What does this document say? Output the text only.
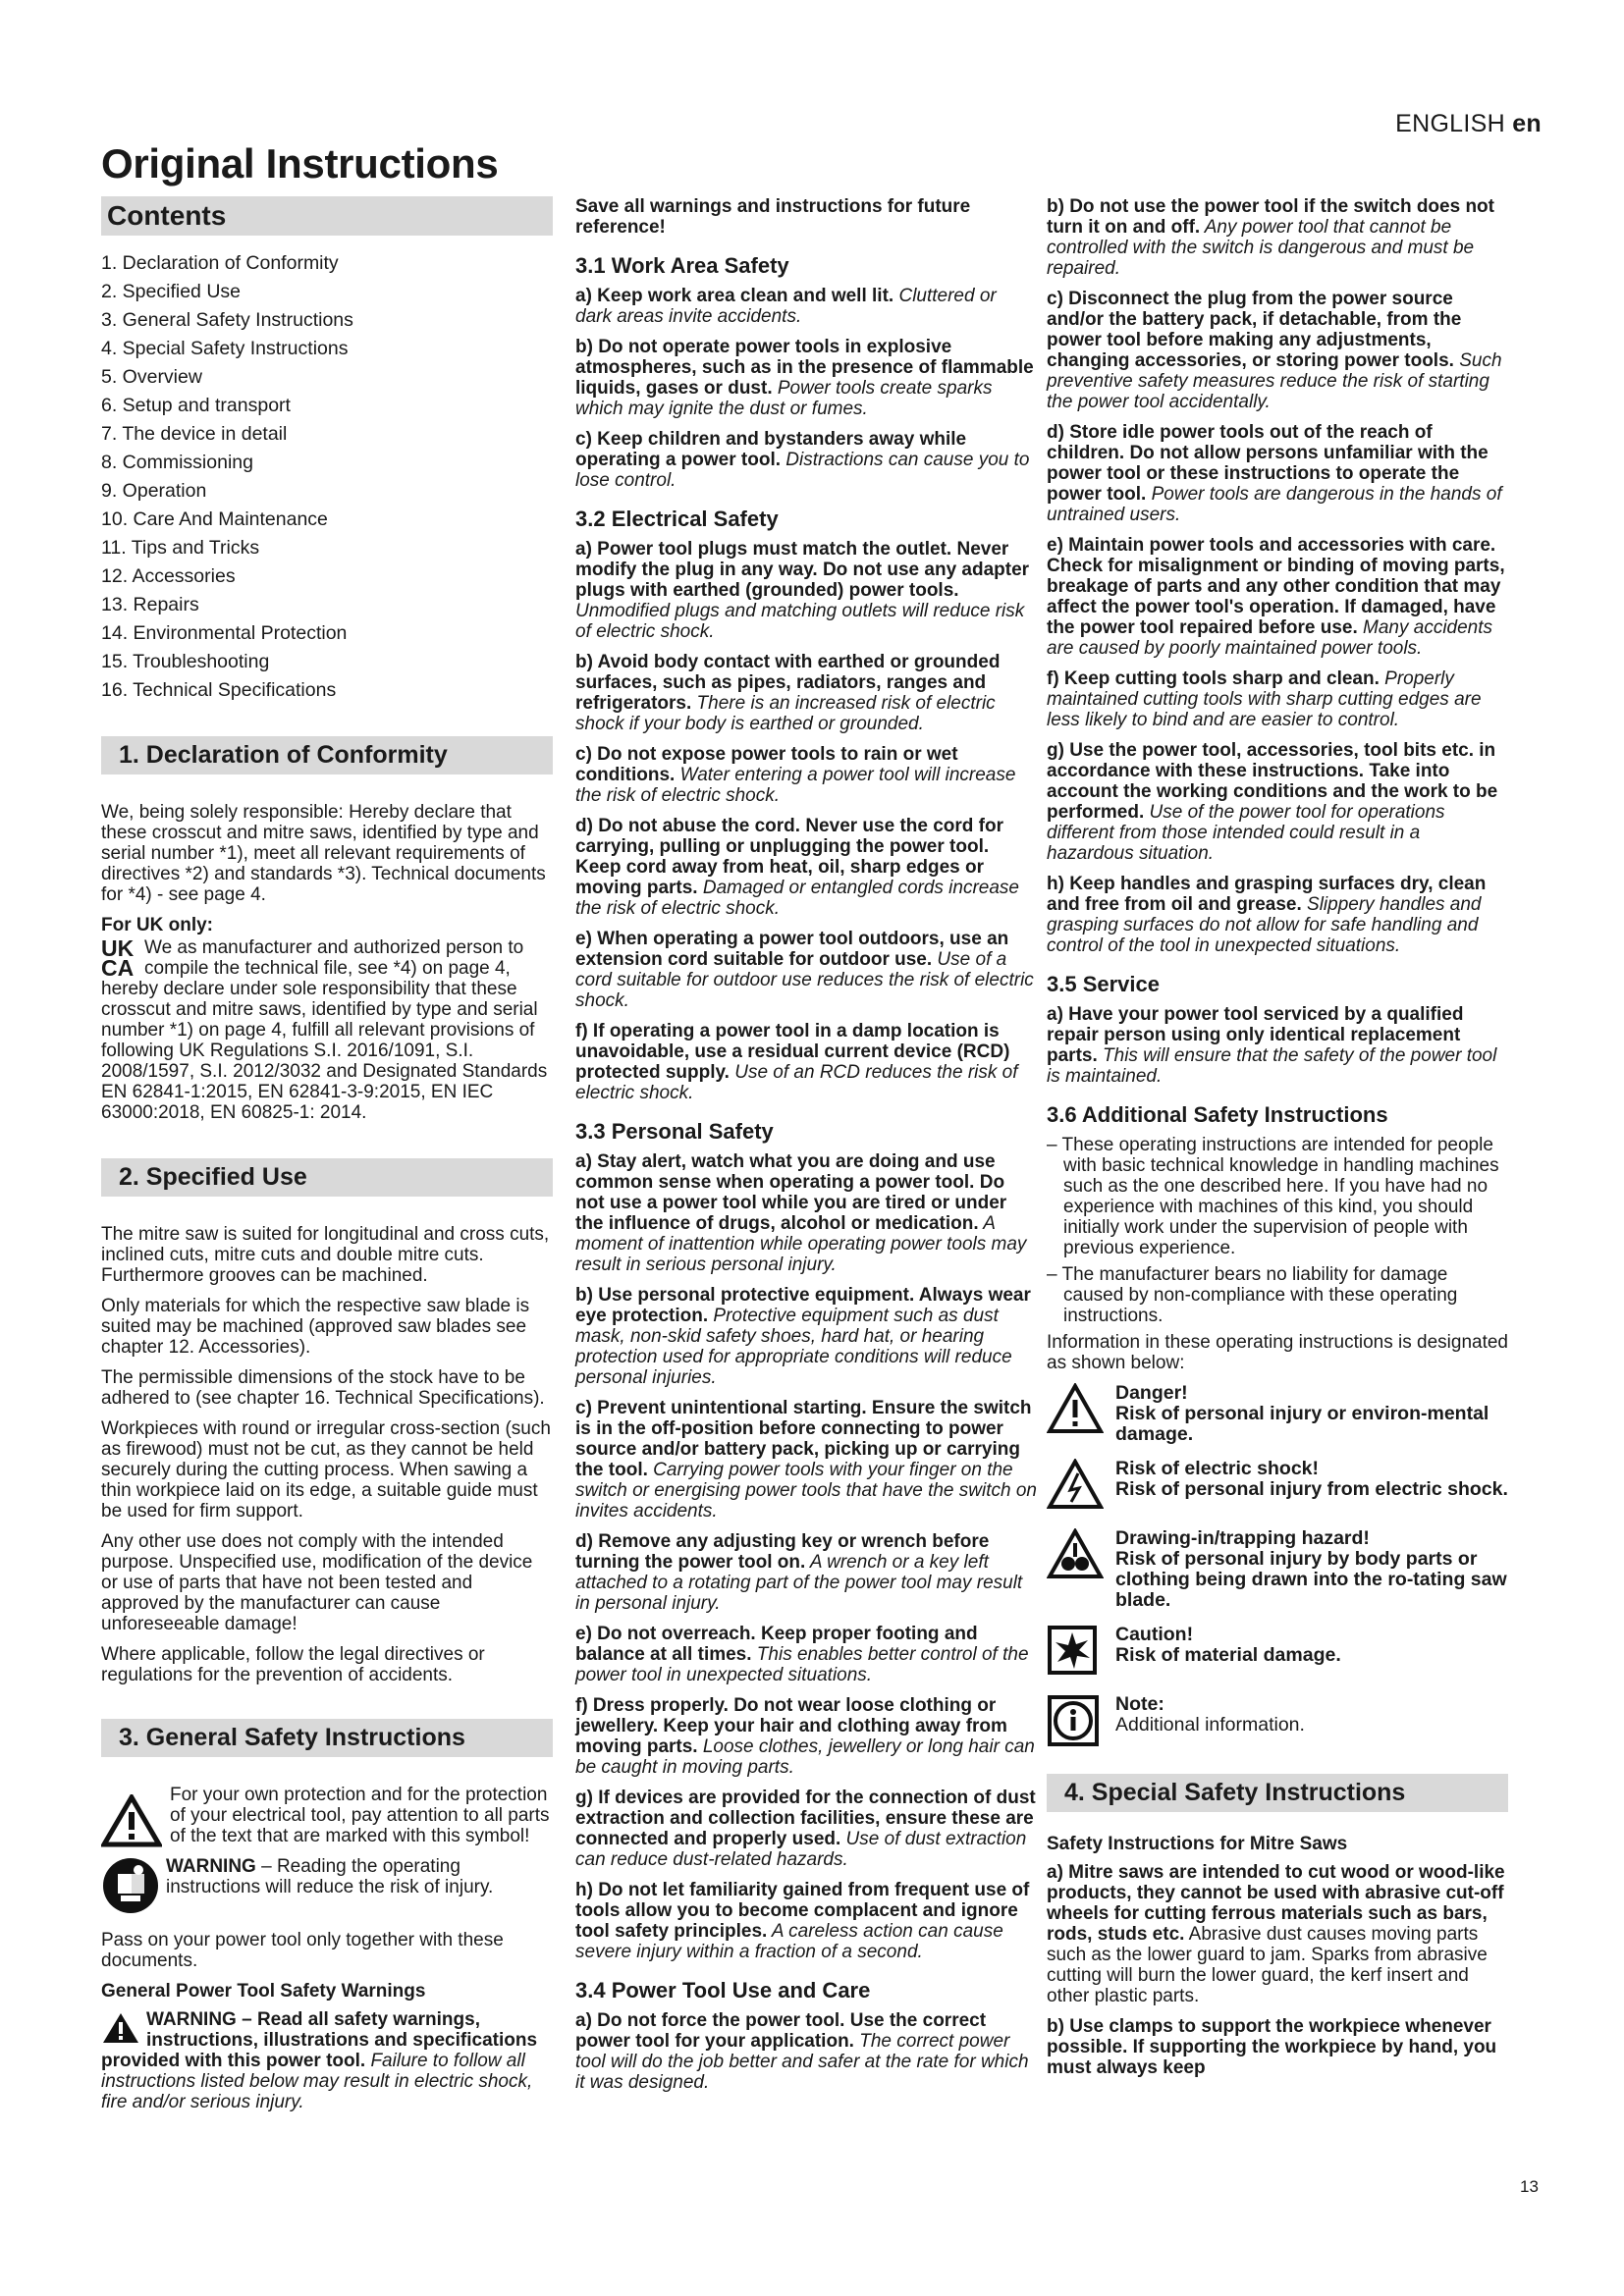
ENGLISH en
Original Instructions
Contents
1. Declaration of Conformity
2. Specified Use
3. General Safety Instructions
4. Special Safety Instructions
5. Overview
6. Setup and transport
7. The device in detail
8. Commissioning
9. Operation
10. Care And Maintenance
11. Tips and Tricks
12. Accessories
13. Repairs
14. Environmental Protection
15. Troubleshooting
16. Technical Specifications
1. Declaration of Conformity

We, being solely responsible: Hereby declare that these crosscut and mitre saws, identified by type and serial number *1), meet all relevant requirements of directives *2) and standards *3). Technical documents for *4) - see page 4.

For UK only:

UK
CA
We as manufacturer and authorized person to compile the technical file, see *4) on page 4, hereby declare under sole responsibility that these crosscut and mitre saws, identified by type and serial number *1) on page 4, fulfill all relevant provisions of following UK Regulations S.I. 2016/1091, S.I. 2008/1597, S.I. 2012/3032 and Designated Standards EN 62841-1:2015, EN 62841-3-9:2015, EN IEC 63000:2018, EN 60825-1: 2014.

2. Specified Use

The mitre saw is suited for longitudinal and cross cuts, inclined cuts, mitre cuts and double mitre cuts. Furthermore grooves can be machined.

Only materials for which the respective saw blade is suited may be machined (approved saw blades see chapter 12. Accessories).

The permissible dimensions of the stock have to be adhered to (see chapter 16. Technical Specifications).

Workpieces with round or irregular cross-section (such as firewood) must not be cut, as they cannot be held securely during the cutting process. When sawing a thin workpiece laid on its edge, a suitable guide must be used for firm support.

Any other use does not comply with the intended purpose. Unspecified use, modification of the device or use of parts that have not been tested and approved by the manufacturer can cause unforeseeable damage!

Where applicable, follow the legal directives or regulations for the prevention of accidents.

3. General Safety Instructions

For your own protection and for the protection of your electrical tool, pay attention to all parts of the text that are marked with this symbol!

WARNING – Reading the operating instructions will reduce the risk of injury.

Pass on your power tool only together with these documents.

General Power Tool Safety Warnings

WARNING – Read all safety warnings, instructions, illustrations and specifications provided with this power tool. Failure to follow all instructions listed below may result in electric shock, fire and/or serious injury.

Save all warnings and instructions for future reference!

3.1 Work Area Safety

a) Keep work area clean and well lit. Cluttered or dark areas invite accidents.

b) Do not operate power tools in explosive atmospheres, such as in the presence of flammable liquids, gases or dust. Power tools create sparks which may ignite the dust or fumes.

c) Keep children and bystanders away while operating a power tool. Distractions can cause you to lose control.

3.2 Electrical Safety

a) Power tool plugs must match the outlet. Never modify the plug in any way. Do not use any adapter plugs with earthed (grounded) power tools. Unmodified plugs and matching outlets will reduce risk of electric shock.

b) Avoid body contact with earthed or grounded surfaces, such as pipes, radiators, ranges and refrigerators. There is an increased risk of electric shock if your body is earthed or grounded.

c) Do not expose power tools to rain or wet conditions. Water entering a power tool will increase the risk of electric shock.

d) Do not abuse the cord. Never use the cord for carrying, pulling or unplugging the power tool. Keep cord away from heat, oil, sharp edges or moving parts. Damaged or entangled cords increase the risk of electric shock.

e) When operating a power tool outdoors, use an extension cord suitable for outdoor use. Use of a cord suitable for outdoor use reduces the risk of electric shock.

f) If operating a power tool in a damp location is unavoidable, use a residual current device (RCD) protected supply. Use of an RCD reduces the risk of electric shock.

3.3 Personal Safety

a) Stay alert, watch what you are doing and use common sense when operating a power tool. Do not use a power tool while you are tired or under the influence of drugs, alcohol or medication. A moment of inattention while operating power tools may result in serious personal injury.

b) Use personal protective equipment. Always wear eye protection. Protective equipment such as dust mask, non-skid safety shoes, hard hat, or hearing protection used for appropriate conditions will reduce personal injuries.

c) Prevent unintentional starting. Ensure the switch is in the off-position before connecting to power source and/or battery pack, picking up or carrying the tool. Carrying power tools with your finger on the switch or energising power tools that have the switch on invites accidents.

d) Remove any adjusting key or wrench before turning the power tool on. A wrench or a key left attached to a rotating part of the power tool may result in personal injury.

e) Do not overreach. Keep proper footing and balance at all times. This enables better control of the power tool in unexpected situations.

f) Dress properly. Do not wear loose clothing or jewellery. Keep your hair and clothing away from moving parts. Loose clothes, jewellery or long hair can be caught in moving parts.

g) If devices are provided for the connection of dust extraction and collection facilities, ensure these are connected and properly used. Use of dust extraction can reduce dust-related hazards.

h) Do not let familiarity gained from frequent use of tools allow you to become complacent and ignore tool safety principles. A careless action can cause severe injury within a fraction of a second.

3.4 Power Tool Use and Care

a) Do not force the power tool. Use the correct power tool for your application. The correct power tool will do the job better and safer at the rate for which it was designed.

b) Do not use the power tool if the switch does not turn it on and off. Any power tool that cannot be controlled with the switch is dangerous and must be repaired.

c) Disconnect the plug from the power source and/or the battery pack, if detachable, from the power tool before making any adjustments, changing accessories, or storing power tools. Such preventive safety measures reduce the risk of starting the power tool accidentally.

d) Store idle power tools out of the reach of children. Do not allow persons unfamiliar with the power tool or these instructions to operate the power tool. Power tools are dangerous in the hands of untrained users.

e) Maintain power tools and accessories with care. Check for misalignment or binding of moving parts, breakage of parts and any other condition that may affect the power tool's operation. If damaged, have the power tool repaired before use. Many accidents are caused by poorly maintained power tools.

f) Keep cutting tools sharp and clean. Properly maintained cutting tools with sharp cutting edges are less likely to bind and are easier to control.

g) Use the power tool, accessories, tool bits etc. in accordance with these instructions. Take into account the working conditions and the work to be performed. Use of the power tool for operations different from those intended could result in a hazardous situation.

h) Keep handles and grasping surfaces dry, clean and free from oil and grease. Slippery handles and grasping surfaces do not allow for safe handling and control of the tool in unexpected situations.

3.5 Service

a) Have your power tool serviced by a qualified repair person using only identical replacement parts. This will ensure that the safety of the power tool is maintained.

3.6 Additional Safety Instructions
– These operating instructions are intended for people with basic technical knowledge in handling machines such as the one described here. If you have had no experience with machines of this kind, you should initially work under the supervision of people with previous experience.
– The manufacturer bears no liability for damage caused by non-compliance with these operating instructions.

Information in these operating instructions is designated as shown below:

Danger!
Risk of personal injury or environ-mental damage.
Risk of electric shock!
Risk of personal injury from electric shock.
Drawing-in/trapping hazard!
Risk of personal injury by body parts or clothing being drawn into the ro-tating saw blade.
Caution!
Risk of material damage.
Note:
Additional information.
4. Special Safety Instructions

Safety Instructions for Mitre Saws

a) Mitre saws are intended to cut wood or wood-like products, they cannot be used with abrasive cut-off wheels for cutting ferrous materials such as bars, rods, studs etc. Abrasive dust causes moving parts such as the lower guard to jam. Sparks from abrasive cutting will burn the lower guard, the kerf insert and other plastic parts.

b) Use clamps to support the workpiece whenever possible. If supporting the workpiece by hand, you must always keep

13
